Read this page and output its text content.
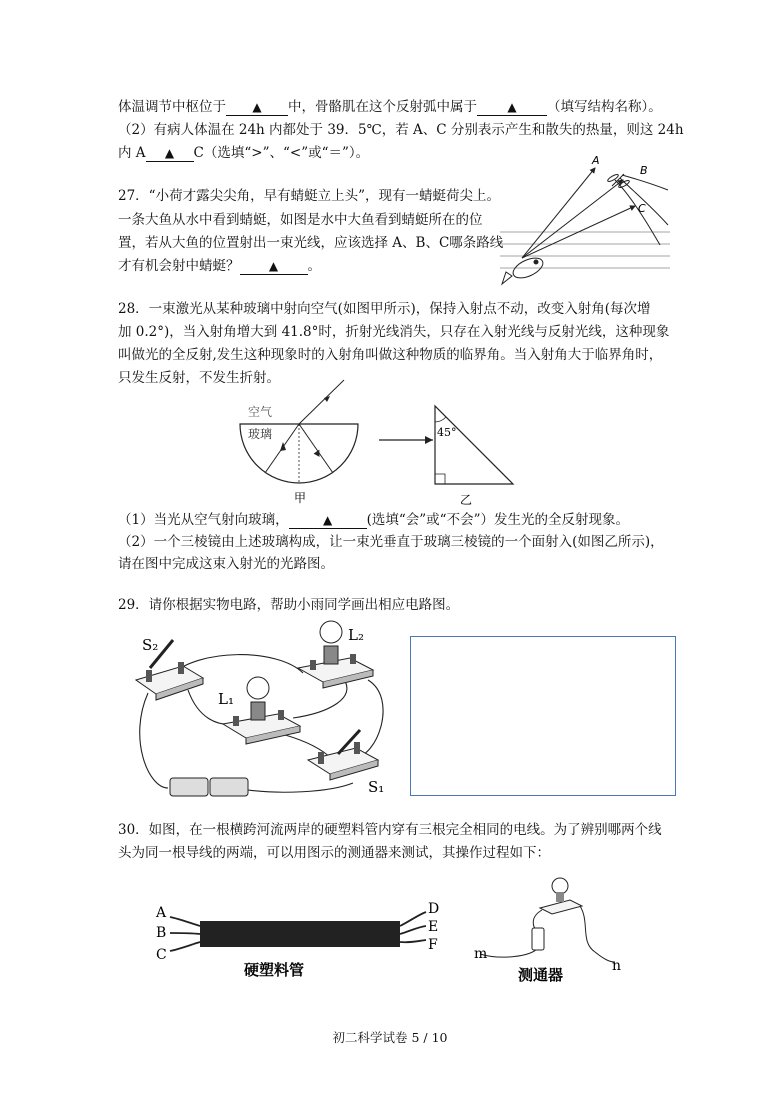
体温调节中枢位于 ▲ 中，骨骼肌在这个反射弧中属于	▲ （填写结构名称）。
（2）有病人体温在 24h 内都处于 39．5℃，若 A、C 分别表示产生和散失的热量，则这 24h
内 A ▲ C（选填“>”、“<”或“＝”）。
27．“小荷才露尖尖角，早有蜻蜓立上头”，现有一蜻蜓荷尖上。
一条大鱼从水中看到蜻蜓，如图是水中大鱼看到蜻蜓所在的位
置，若从大鱼的位置射出一束光线，应该选择 A、B、C哪条路线
才有机会射中蜻蜓？ ▲ 。
A
B
C
28．一束激光从某种玻璃中射向空气(如图甲所示)，保持入射点不动，改变入射角(每次增
加 0.2°)，当入射角增大到 41.8°时，折射光线消失，只存在入射光线与反射光线，这种现象
叫做光的全反射,发生这种现象时的入射角叫做这种物质的临界角。当入射角大于临界角时，
只发生反射，不发生折射。
空气
玻璃
甲
45°
乙
（1）当光从空气射向玻璃，	▲	(选填“会”或“不会”）发生光的全反射现象。
（2）一个三棱镜由上述玻璃构成，让一束光垂直于玻璃三棱镜的一个面射入(如图乙所示)，
请在图中完成这束入射光的光路图。
29．请你根据实物电路，帮助小雨同学画出相应电路图。
S₂
L₂
L₁
S₁
30．如图，在一根横跨河流两岸的硬塑料管内穿有三根完全相同的电线。为了辨别哪两个线
头为同一根导线的两端，可以用图示的测通器来测试，其操作过程如下：
A
B
C
D
E
F
硬塑料管
m
n
测通器
初二科学试卷 5 / 10
